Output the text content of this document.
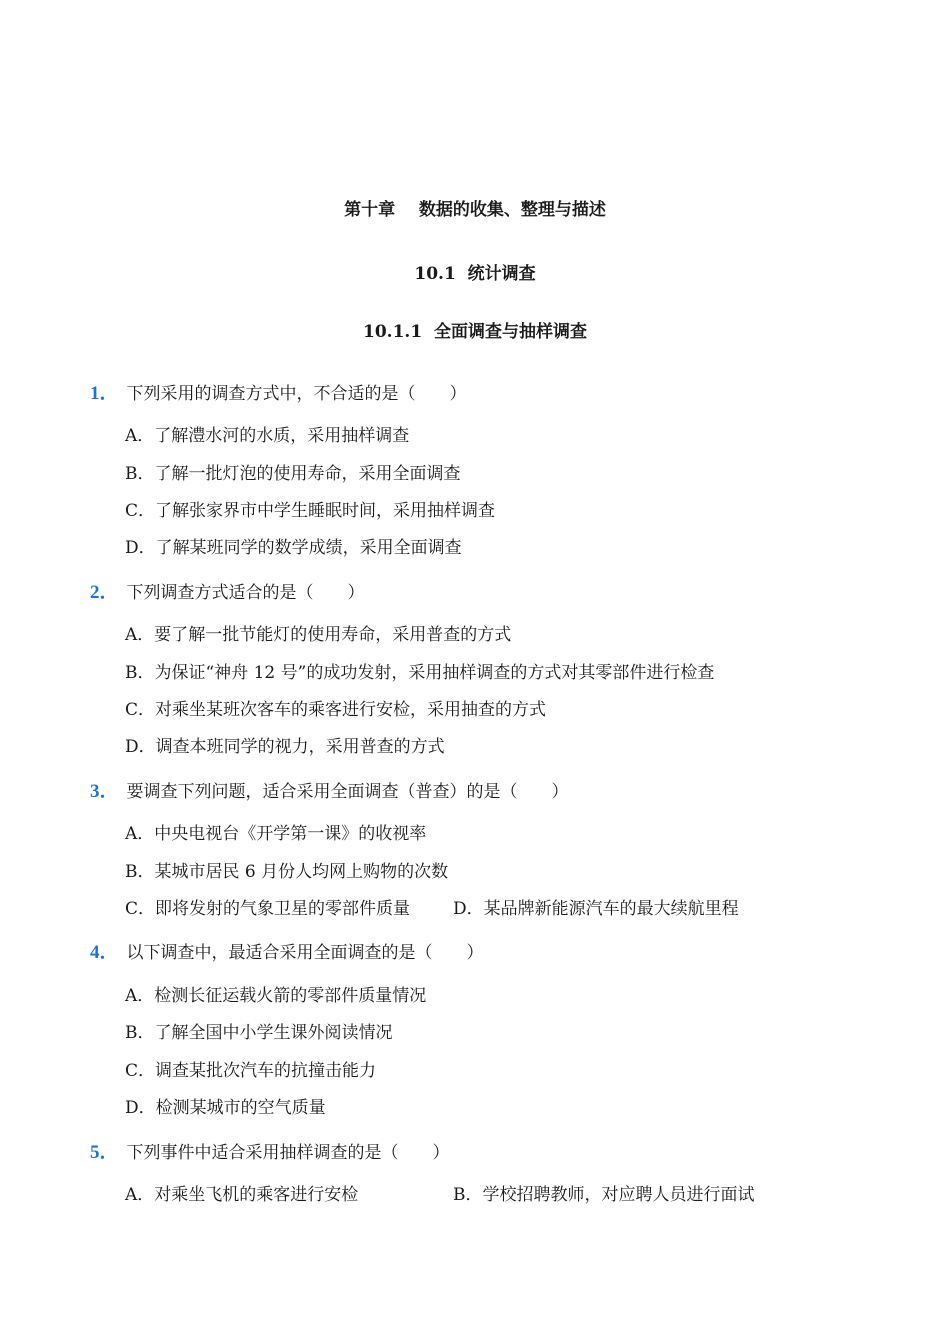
第十章    数据的收集、整理与描述
10.1  统计调查
10.1.1  全面调查与抽样调查
1． 下列采用的调查方式中，不合适的是（　　）
A．了解澧水河的水质，采用抽样调查
B．了解一批灯泡的使用寿命，采用全面调查
C．了解张家界市中学生睡眠时间，采用抽样调查
D．了解某班同学的数学成绩，采用全面调查
2． 下列调查方式适合的是（　　）
A．要了解一批节能灯的使用寿命，采用普查的方式
B．为保证“神舟 12 号”的成功发射，采用抽样调查的方式对其零部件进行检查
C．对乘坐某班次客车的乘客进行安检，采用抽查的方式
D．调查本班同学的视力，采用普查的方式
3． 要调查下列问题，适合采用全面调查（普查）的是（　　）
A．中央电视台《开学第一课》的收视率
B．某城市居民 6 月份人均网上购物的次数
C．即将发射的气象卫星的零部件质量	D．某品牌新能源汽车的最大续航里程
4． 以下调查中，最适合采用全面调查的是（　　）
A．检测长征运载火箭的零部件质量情况
B．了解全国中小学生课外阅读情况
C．调查某批次汽车的抗撞击能力
D．检测某城市的空气质量
5． 下列事件中适合采用抽样调查的是（　　）
A．对乘坐飞机的乘客进行安检	B．学校招聘教师，对应聘人员进行面试
